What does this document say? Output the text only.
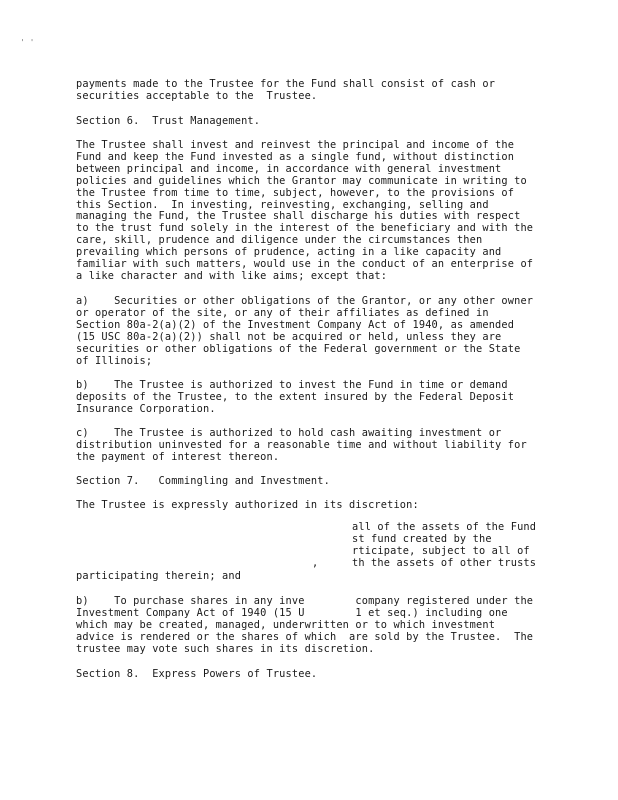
' '
payments made to the Trustee for the Fund shall consist of cash or
securities acceptable to the  Trustee.
Section 6.  Trust Management.
The Trustee shall invest and reinvest the principal and income of the
Fund and keep the Fund invested as a single fund, without distinction
between principal and income, in accordance with general investment
policies and guidelines which the Grantor may communicate in writing to
the Trustee from time to time, subject, however, to the provisions of
this Section.  In investing, reinvesting, exchanging, selling and
managing the Fund, the Trustee shall discharge his duties with respect
to the trust fund solely in the interest of the beneficiary and with the
care, skill, prudence and diligence under the circumstances then
prevailing which persons of prudence, acting in a like capacity and
familiar with such matters, would use in the conduct of an enterprise of
a like character and with like aims; except that:
a)    Securities or other obligations of the Grantor, or any other owner
or operator of the site, or any of their affiliates as defined in
Section 80a-2(a)(2) of the Investment Company Act of 1940, as amended
(15 USC 80a-2(a)(2)) shall not be acquired or held, unless they are
securities or other obligations of the Federal government or the State
of Illinois;
b)    The Trustee is authorized to invest the Fund in time or demand
deposits of the Trustee, to the extent insured by the Federal Deposit
Insurance Corporation.
c)    The Trustee is authorized to hold cash awaiting investment or
distribution uninvested for a reasonable time and without liability for
the payment of interest thereon.
Section 7.   Commingling and Investment.
The Trustee is expressly authorized in its discretion:
all of the assets of the Fund
st fund created by the
rticipate, subject to all of
th the assets of other trusts
,
participating therein; and
b)    To purchase shares in any inve        company registered under the
Investment Company Act of 1940 (15 U        1 et seq.) including one
which may be created, managed, underwritten or to which investment
advice is rendered or the shares of which  are sold by the Trustee.  The
trustee may vote such shares in its discretion.
Section 8.  Express Powers of Trustee.
